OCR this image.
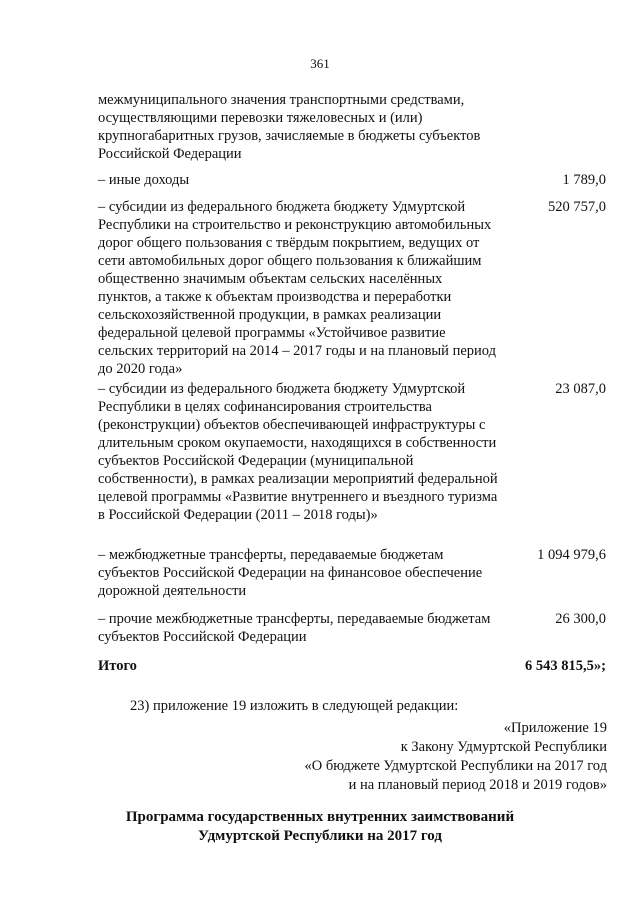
361
межмуниципального значения транспортными средствами, осуществляющими перевозки тяжеловесных и (или) крупногабаритных грузов, зачисляемые в бюджеты субъектов Российской Федерации
– иные доходы	1 789,0
– субсидии из федерального бюджета бюджету Удмуртской Республики на строительство и реконструкцию автомобильных дорог общего пользования с твёрдым покрытием, ведущих от сети автомобильных дорог общего пользования к ближайшим общественно значимым объектам сельских населённых пунктов, а также к объектам производства и переработки сельскохозяйственной продукции, в рамках реализации федеральной целевой программы «Устойчивое развитие сельских территорий на 2014 – 2017 годы и на плановый период до 2020 года»
520 757,0
– субсидии из федерального бюджета бюджету Удмуртской Республики в целях софинансирования строительства (реконструкции) объектов обеспечивающей инфраструктуры с длительным сроком окупаемости, находящихся в собственности субъектов Российской Федерации (муниципальной собственности), в рамках реализации мероприятий федеральной целевой программы «Развитие внутреннего и въездного туризма в Российской Федерации (2011 – 2018 годы)»
23 087,0
– межбюджетные трансферты, передаваемые бюджетам субъектов Российской Федерации на финансовое обеспечение дорожной деятельности
1 094 979,6
– прочие межбюджетные трансферты, передаваемые бюджетам субъектов Российской Федерации
26 300,0
Итого	6 543 815,5»;
23) приложение 19 изложить в следующей редакции:
«Приложение 19
к Закону Удмуртской Республики
«О бюджете Удмуртской Республики на 2017 год
и на плановый период 2018 и 2019 годов»
Программа государственных внутренних заимствований
Удмуртской Республики на 2017 год
